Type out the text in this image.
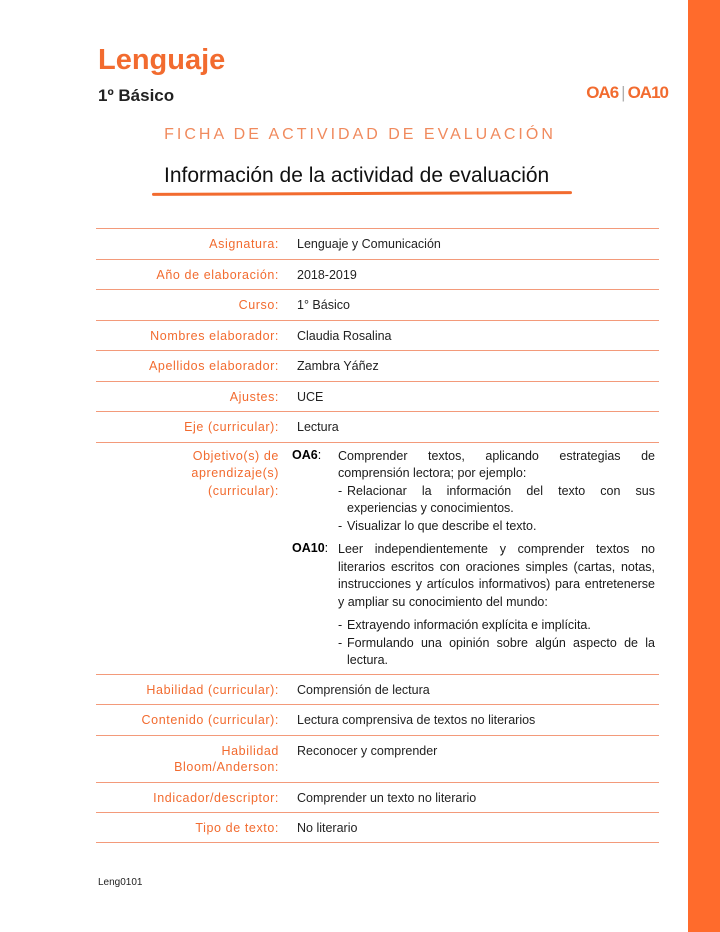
Lenguaje
1º Básico	OA6 | OA10
FICHA DE ACTIVIDAD DE EVALUACIÓN
Información de la actividad de evaluación
Asignatura:	Lenguaje y Comunicación
Año de elaboración:	2018-2019
Curso:	1° Básico
Nombres elaborador:	Claudia Rosalina
Apellidos elaborador:	Zambra Yáñez
Ajustes:	UCE
Eje (curricular):	Lectura
Objetivo(s) de
aprendizaje(s)
(curricular):
OA6:	Comprender textos, aplicando estrategias de comprensión lectora; por ejemplo:

- Relacionar la información del texto con sus experiencias y conocimientos.
- Visualizar lo que describe el texto.
OA10: Leer independientemente y comprender textos no literarios escritos con oraciones simples (cartas, notas, instrucciones y artículos informativos) para entretenerse y ampliar su conocimiento del mundo:

- Extrayendo información explícita e implícita.
- Formulando una opinión sobre algún aspecto de la lectura.
Habilidad (curricular):	Comprensión de lectura
Contenido (curricular):	Lectura comprensiva de textos no literarios
Habilidad
Bloom/Anderson:
Reconocer y comprender
Indicador/descriptor:	Comprender un texto no literario
Tipo de texto:	No literario
Leng0101
